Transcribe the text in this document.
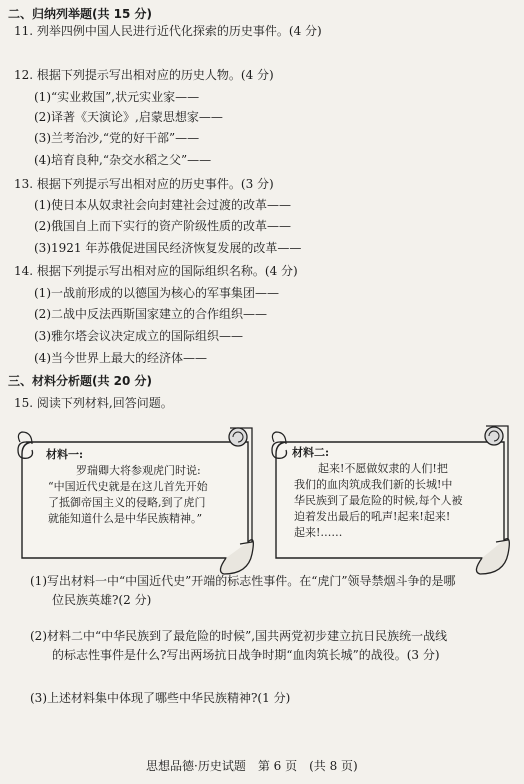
二、归纳列举题(共 15 分)
11. 列举四例中国人民进行近代化探索的历史事件。(4 分)
12. 根据下列提示写出相对应的历史人物。(4 分)
(1)“实业救国”,状元实业家——
(2)译著《天演论》,启蒙思想家——
(3)兰考治沙,“党的好干部”——
(4)培育良种,“杂交水稻之父”——
13. 根据下列提示写出相对应的历史事件。(3 分)
(1)使日本从奴隶社会向封建社会过渡的改革——
(2)俄国自上而下实行的资产阶级性质的改革——
(3)1921 年苏俄促进国民经济恢复发展的改革——
14. 根据下列提示写出相对应的国际组织名称。(4 分)
(1)一战前形成的以德国为核心的军事集团——
(2)二战中反法西斯国家建立的合作组织——
(3)雅尔塔会议决定成立的国际组织——
(4)当今世界上最大的经济体——
三、材料分析题(共 20 分)
15. 阅读下列材料,回答问题。
材料一:
罗瑞卿大将参观虎门时说:
“中国近代史就是在这儿首先开始
了抵御帝国主义的侵略,到了虎门
就能知道什么是中华民族精神。”
材料二:
起来!不愿做奴隶的人们!把
我们的血肉筑成我们新的长城!中
华民族到了最危险的时候,每个人被
迫着发出最后的吼声!起来!起来!
起来!……
(1)写出材料一中“中国近代史”开端的标志性事件。在“虎门”领导禁烟斗争的是哪
位民族英雄?(2 分)
(2)材料二中“中华民族到了最危险的时候”,国共两党初步建立抗日民族统一战线
的标志性事件是什么?写出两场抗日战争时期“血肉筑长城”的战役。(3 分)
(3)上述材料集中体现了哪些中华民族精神?(1 分)
思想品德·历史试题　第 6 页　(共 8 页)
